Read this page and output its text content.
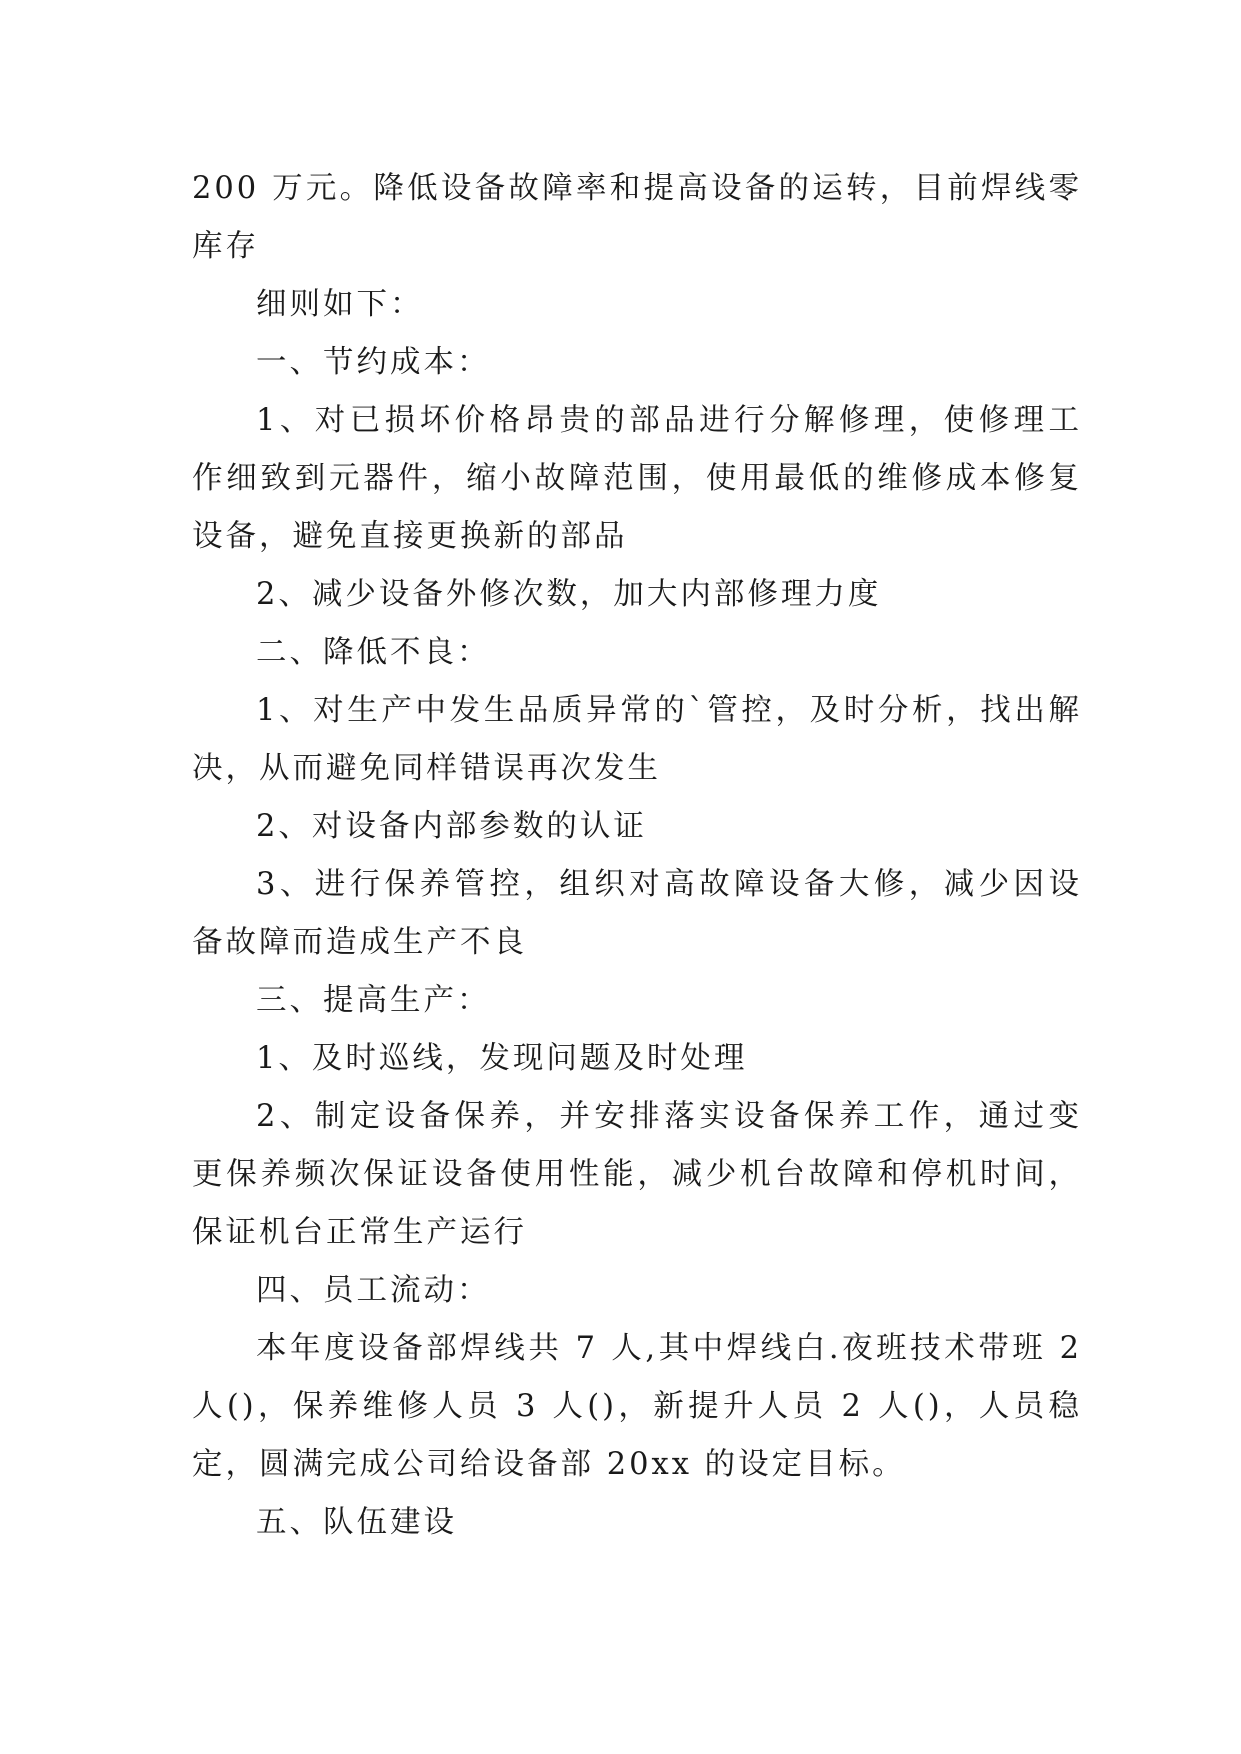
200 万元。降低设备故障率和提高设备的运转，目前焊线零库存

细则如下：

一、节约成本：

1、对已损坏价格昂贵的部品进行分解修理，使修理工作细致到元器件，缩小故障范围，使用最低的维修成本修复设备，避免直接更换新的部品

2、减少设备外修次数，加大内部修理力度

二、降低不良：

1、对生产中发生品质异常的`管控，及时分析，找出解决，从而避免同样错误再次发生

2、对设备内部参数的认证

3、进行保养管控，组织对高故障设备大修，减少因设备故障而造成生产不良

三、提高生产：

1、及时巡线，发现问题及时处理

2、制定设备保养，并安排落实设备保养工作，通过变更保养频次保证设备使用性能，减少机台故障和停机时间，保证机台正常生产运行

四、员工流动：

本年度设备部焊线共 7 人,其中焊线白.夜班技术带班 2 人()，保养维修人员 3 人()，新提升人员 2 人()，人员稳定，圆满完成公司给设备部 20xx 的设定目标。

五、队伍建设
